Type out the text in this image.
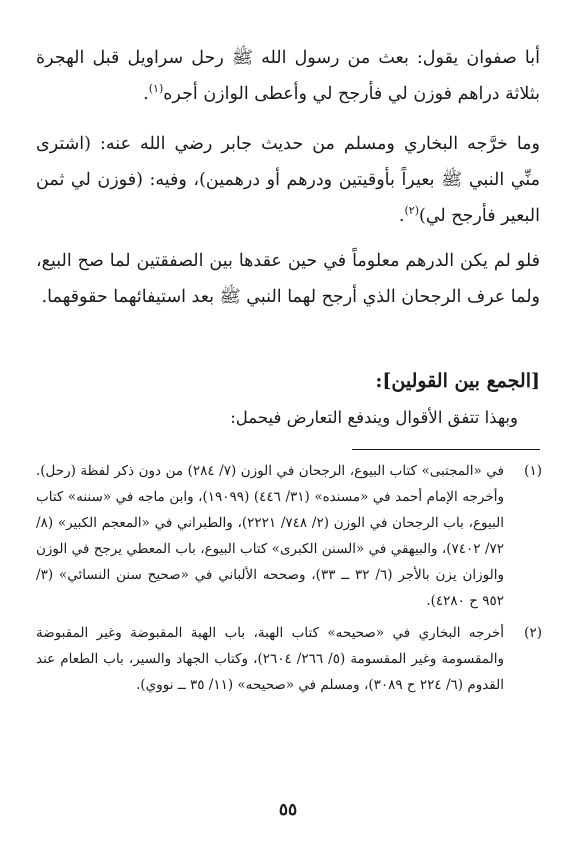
أبا صفوان يقول: بعث من رسول الله ﷺ رحل سراويل قبل الهجرة بثلاثة دراهم فوزن لي فأرجح لي وأعطى الوازن أجره$^{(١)}$.

وما خرَّجه البخاري ومسلم من حديث جابر رضي الله عنه: (اشترى منِّي النبي ﷺ بعيراً بأوقيتين ودرهم أو درهمين)، وفيه: (فوزن لي ثمن البعير فأرجح لي)$^{(٢)}$.

فلو لم يكن الدرهم معلوماً في حين عقدها بين الصفقتين لما صح البيع، ولما عرف الرجحان الذي أرجح لهما النبي ﷺ بعد استيفائهما حقوقهما.

[الجمع بين القولين]:
وبهذا تتفق الأقوال ويندفع التعارض فيحمل:
(١)
في «المجتبى» كتاب البيوع، الرجحان في الوزن (٧/ ٢٨٤) من دون ذكر لفظة (رحل). وأخرجه الإمام أحمد في «مسنده» (٣١/ ٤٤٦) (١٩٠٩٩)، وابن ماجه في «سننه» كتاب البيوع، باب الرجحان في الوزن (٢/ ٧٤٨/ ٢٢٢١)، والطبراني في «المعجم الكبير» (٨/ ٧٢/ ٧٤٠٢)، والبيهقي في «السنن الكبرى» كتاب البيوع، باب المعطي يرجح في الوزن والوزان يزن بالأجر (٦/ ٣٢ ــ ٣٣)، وصححه الألباني في «صحيح سنن النسائي» (٣/ ٩٥٢ ح ٤٢٨٠).
(٢)
أخرجه البخاري في «صحيحه» كتاب الهبة، باب الهبة المقبوضة وغير المقبوضة والمقسومة وغير المقسومة (٥/ ٢٦٦/ ٢٦٠٤)، وكتاب الجهاد والسير، باب الطعام عند القدوم (٦/ ٢٢٤ ح ٣٠٨٩)، ومسلم في «صحيحه» (١١/ ٣٥ ــ نووي).
٥٥
